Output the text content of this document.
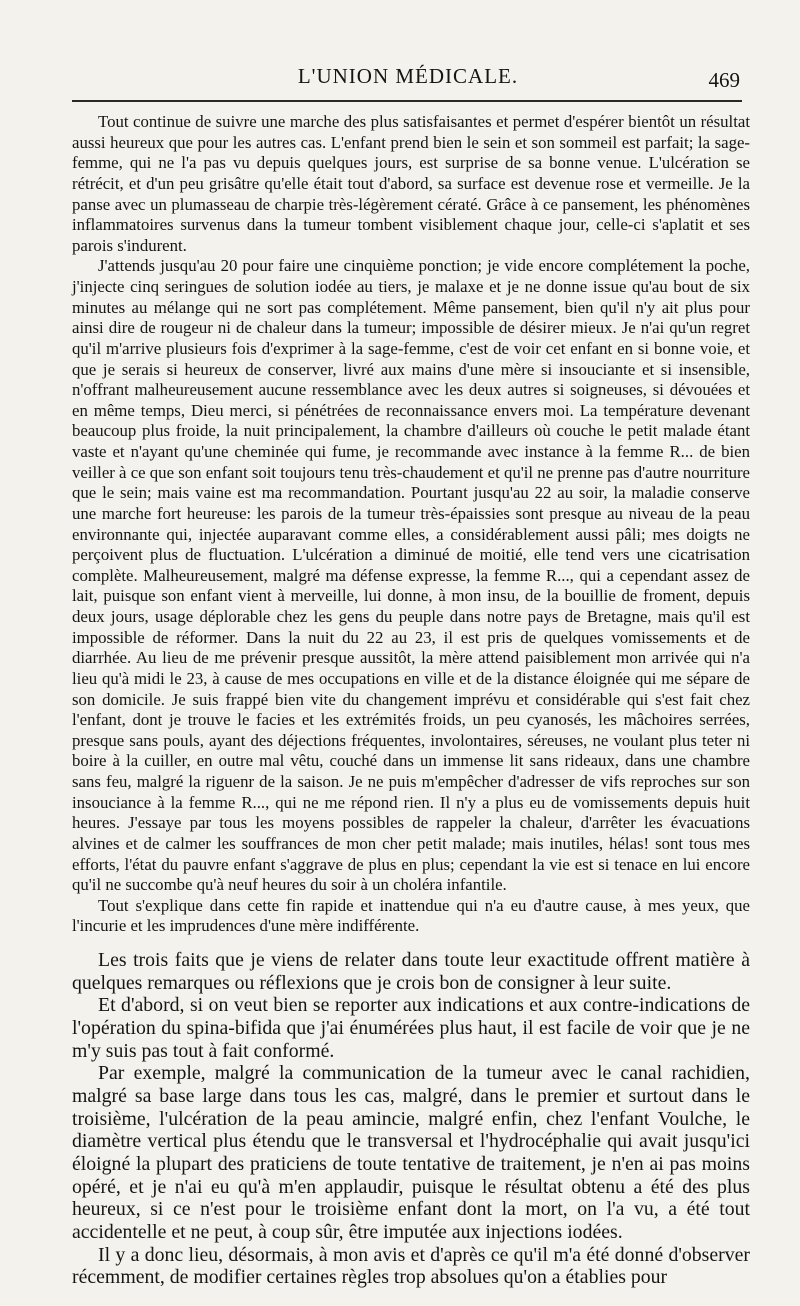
L'UNION MÉDICALE.	469

Tout continue de suivre une marche des plus satisfaisantes et permet d'espérer bientôt un résultat aussi heureux que pour les autres cas. L'enfant prend bien le sein et son sommeil est parfait; la sage-femme, qui ne l'a pas vu depuis quelques jours, est surprise de sa bonne venue. L'ulcération se rétrécit, et d'un peu grisâtre qu'elle était tout d'abord, sa surface est devenue rose et vermeille. Je la panse avec un plumasseau de charpie très-légèrement cératé. Grâce à ce pansement, les phénomènes inflammatoires survenus dans la tumeur tombent visiblement chaque jour, celle-ci s'aplatit et ses parois s'indurent.

J'attends jusqu'au 20 pour faire une cinquième ponction; je vide encore complétement la poche, j'injecte cinq seringues de solution iodée au tiers, je malaxe et je ne donne issue qu'au bout de six minutes au mélange qui ne sort pas complétement. Même pansement, bien qu'il n'y ait plus pour ainsi dire de rougeur ni de chaleur dans la tumeur; impossible de désirer mieux. Je n'ai qu'un regret qu'il m'arrive plusieurs fois d'exprimer à la sage-femme, c'est de voir cet enfant en si bonne voie, et que je serais si heureux de conserver, livré aux mains d'une mère si insouciante et si insensible, n'offrant malheureusement aucune ressemblance avec les deux autres si soigneuses, si dévouées et en même temps, Dieu merci, si pénétrées de reconnaissance envers moi. La température devenant beaucoup plus froide, la nuit principalement, la chambre d'ailleurs où couche le petit malade étant vaste et n'ayant qu'une cheminée qui fume, je recommande avec instance à la femme R... de bien veiller à ce que son enfant soit toujours tenu très-chaudement et qu'il ne prenne pas d'autre nourriture que le sein; mais vaine est ma recommandation. Pourtant jusqu'au 22 au soir, la maladie conserve une marche fort heureuse: les parois de la tumeur très-épaissies sont presque au niveau de la peau environnante qui, injectée auparavant comme elles, a considérablement aussi pâli; mes doigts ne perçoivent plus de fluctuation. L'ulcération a diminué de moitié, elle tend vers une cicatrisation complète. Malheureusement, malgré ma défense expresse, la femme R..., qui a cependant assez de lait, puisque son enfant vient à merveille, lui donne, à mon insu, de la bouillie de froment, depuis deux jours, usage déplorable chez les gens du peuple dans notre pays de Bretagne, mais qu'il est impossible de réformer. Dans la nuit du 22 au 23, il est pris de quelques vomissements et de diarrhée. Au lieu de me prévenir presque aussitôt, la mère attend paisiblement mon arrivée qui n'a lieu qu'à midi le 23, à cause de mes occupations en ville et de la distance éloignée qui me sépare de son domicile. Je suis frappé bien vite du changement imprévu et considérable qui s'est fait chez l'enfant, dont je trouve le facies et les extrémités froids, un peu cyanosés, les mâchoires serrées, presque sans pouls, ayant des déjections fréquentes, involontaires, séreuses, ne voulant plus teter ni boire à la cuiller, en outre mal vêtu, couché dans un immense lit sans rideaux, dans une chambre sans feu, malgré la riguenr de la saison. Je ne puis m'empêcher d'adresser de vifs reproches sur son insouciance à la femme R..., qui ne me répond rien. Il n'y a plus eu de vomissements depuis huit heures. J'essaye par tous les moyens possibles de rappeler la chaleur, d'arrêter les évacuations alvines et de calmer les souffrances de mon cher petit malade; mais inutiles, hélas! sont tous mes efforts, l'état du pauvre enfant s'aggrave de plus en plus; cependant la vie est si tenace en lui encore qu'il ne succombe qu'à neuf heures du soir à un choléra infantile.

Tout s'explique dans cette fin rapide et inattendue qui n'a eu d'autre cause, à mes yeux, que l'incurie et les imprudences d'une mère indifférente.

Les trois faits que je viens de relater dans toute leur exactitude offrent matière à quelques remarques ou réflexions que je crois bon de consigner à leur suite.

Et d'abord, si on veut bien se reporter aux indications et aux contre-indications de l'opération du spina-bifida que j'ai énumérées plus haut, il est facile de voir que je ne m'y suis pas tout à fait conformé.

Par exemple, malgré la communication de la tumeur avec le canal rachidien, malgré sa base large dans tous les cas, malgré, dans le premier et surtout dans le troisième, l'ulcération de la peau amincie, malgré enfin, chez l'enfant Voulche, le diamètre vertical plus étendu que le transversal et l'hydrocéphalie qui avait jusqu'ici éloigné la plupart des praticiens de toute tentative de traitement, je n'en ai pas moins opéré, et je n'ai eu qu'à m'en applaudir, puisque le résultat obtenu a été des plus heureux, si ce n'est pour le troisième enfant dont la mort, on l'a vu, a été tout accidentelle et ne peut, à coup sûr, être imputée aux injections iodées.

Il y a donc lieu, désormais, à mon avis et d'après ce qu'il m'a été donné d'observer récemment, de modifier certaines règles trop absolues qu'on a établies pour
